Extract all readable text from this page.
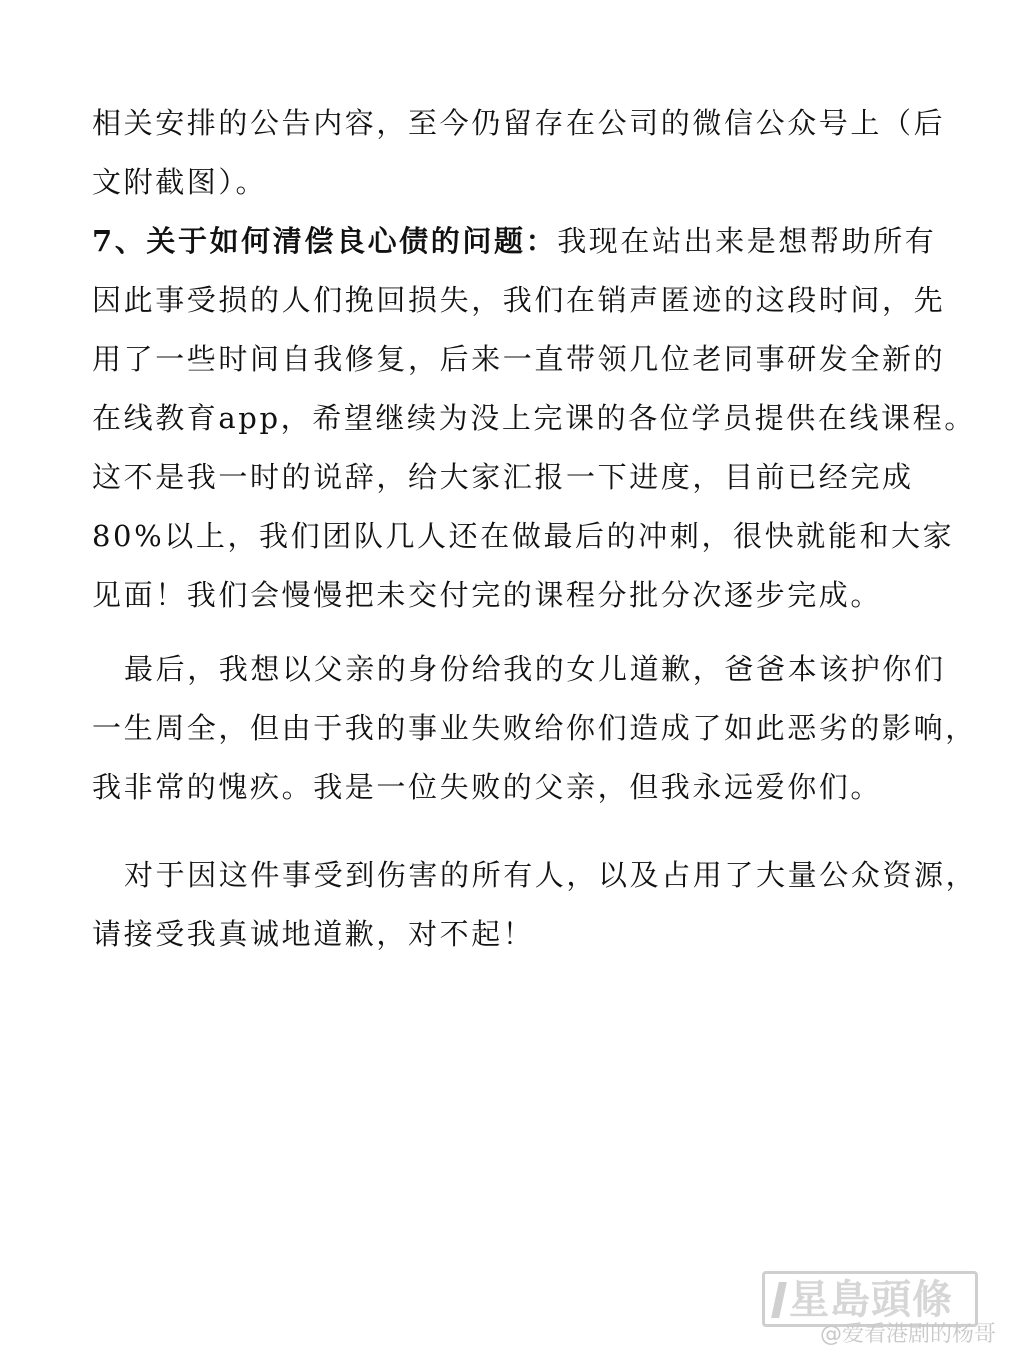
相关安排的公告内容，至今仍留存在公司的微信公众号上（后
文附截图）。

7、关于如何清偿良心债的问题：我现在站出来是想帮助所有
因此事受损的人们挽回损失，我们在销声匿迹的这段时间，先
用了一些时间自我修复，后来一直带领几位老同事研发全新的
在线教育app，希望继续为没上完课的各位学员提供在线课程。
这不是我一时的说辞，给大家汇报一下进度，目前已经完成
80%以上，我们团队几人还在做最后的冲刺，很快就能和大家
见面！我们会慢慢把未交付完的课程分批分次逐步完成。

最后，我想以父亲的身份给我的女儿道歉，爸爸本该护你们
一生周全，但由于我的事业失败给你们造成了如此恶劣的影响，
我非常的愧疚。我是一位失败的父亲，但我永远爱你们。

对于因这件事受到伤害的所有人，以及占用了大量公众资源，
请接受我真诚地道歉，对不起！

星島頭條
@爱看港剧的杨哥
